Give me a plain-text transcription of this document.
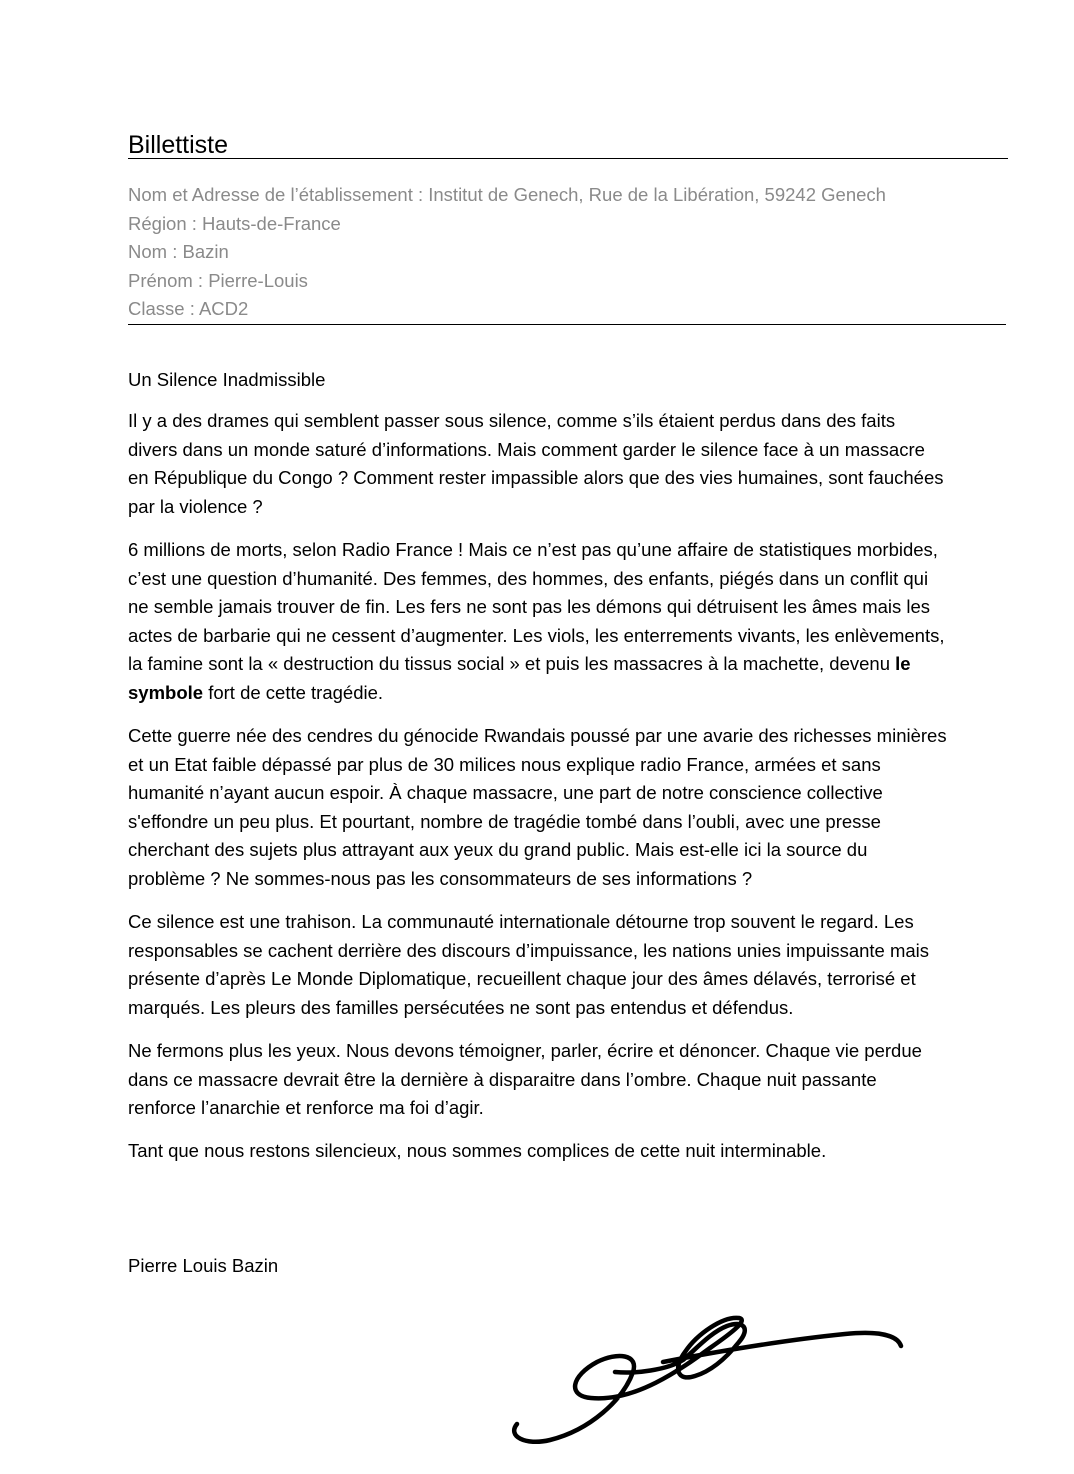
Billettiste
Nom et Adresse de l’établissement : Institut de Genech, Rue de la Libération, 59242 Genech
Région : Hauts-de-France
Nom : Bazin
Prénom : Pierre-Louis
Classe : ACD2

Un Silence Inadmissible

Il y a des drames qui semblent passer sous silence, comme s’ils étaient perdus dans des faits divers dans un monde saturé d’informations. Mais comment garder le silence face à un massacre en République du Congo ? Comment rester impassible alors que des vies humaines, sont fauchées par la violence ?

6 millions de morts, selon Radio France ! Mais ce n’est pas qu’une affaire de statistiques morbides, c’est une question d’humanité. Des femmes, des hommes, des enfants, piégés dans un conflit qui ne semble jamais trouver de fin. Les fers ne sont pas les démons qui détruisent les âmes mais les actes de barbarie qui ne cessent d’augmenter. Les viols, les enterrements vivants, les enlèvements, la famine sont la « destruction du tissus social » et puis les massacres à la machette, devenu le symbole fort de cette tragédie.

Cette guerre née des cendres du génocide Rwandais poussé par une avarie des richesses minières et un Etat faible dépassé par plus de 30 milices nous explique radio France, armées et sans humanité n’ayant aucun espoir. À chaque massacre, une part de notre conscience collective s'effondre un peu plus. Et pourtant, nombre de tragédie tombé dans l’oubli, avec une presse cherchant des sujets plus attrayant aux yeux du grand public. Mais est-elle ici la source du problème ? Ne sommes-nous pas les consommateurs de ses informations ?

Ce silence est une trahison. La communauté internationale détourne trop souvent le regard. Les responsables se cachent derrière des discours d’impuissance, les nations unies impuissante mais présente d’après Le Monde Diplomatique, recueillent chaque jour des âmes délavés, terrorisé et marqués. Les pleurs des familles persécutées ne sont pas entendus et défendus.

Ne fermons plus les yeux. Nous devons témoigner, parler, écrire et dénoncer. Chaque vie perdue dans ce massacre devrait être la dernière à disparaitre dans l’ombre. Chaque nuit passante renforce l’anarchie et renforce ma foi d’agir.

Tant que nous restons silencieux, nous sommes complices de cette nuit interminable.

Pierre Louis Bazin
